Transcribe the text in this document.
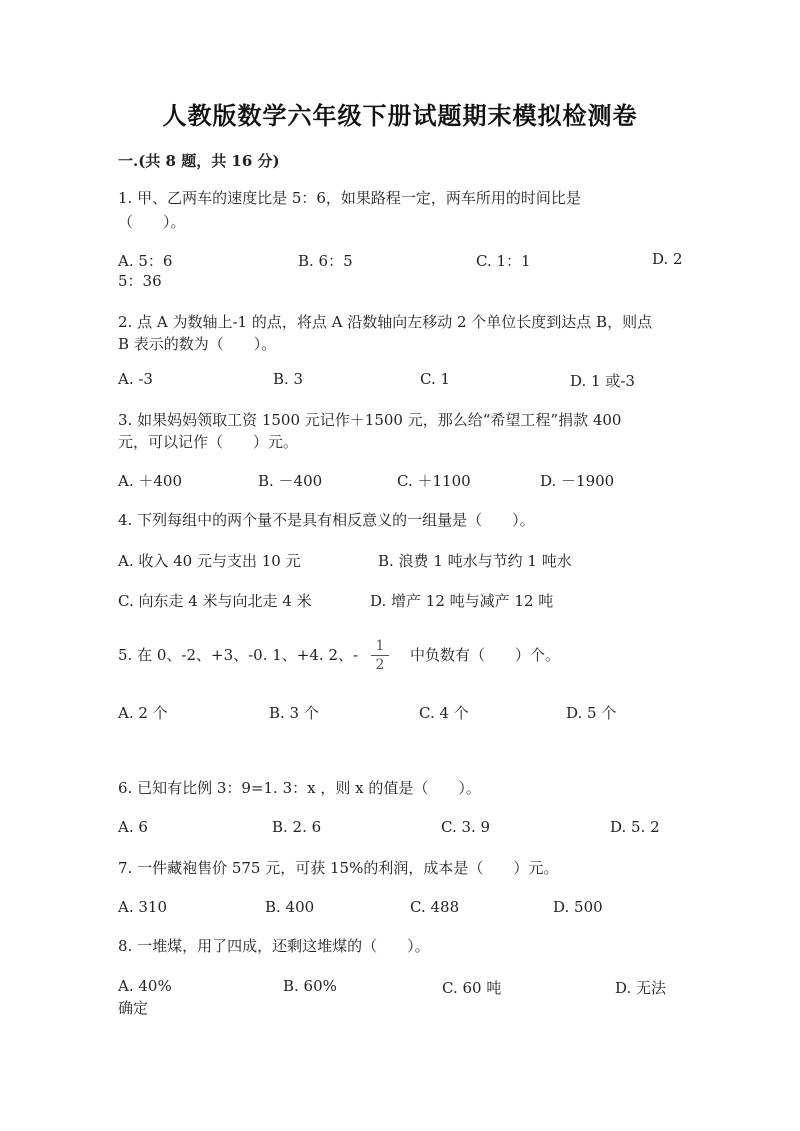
人教版数学六年级下册试题期末模拟检测卷
一.(共 8 题，共 16 分)
1. 甲、乙两车的速度比是 5：6，如果路程一定，两车所用的时间比是
（　　）。
A. 5：6	B. 6：5	C. 1：1	D. 2
5：36
2. 点 A 为数轴上-1 的点，将点 A 沿数轴向左移动 2 个单位长度到达点 B，则点
B 表示的数为（　　）。
A. -3	B. 3	C. 1	D. 1 或-3
3. 如果妈妈领取工资 1500 元记作＋1500 元，那么给“希望工程”捐款 400
元，可以记作（　　）元。
A. ＋400	B. －400	C. ＋1100	D. －1900
4. 下列每组中的两个量不是具有相反意义的一组量是（　　）。
A. 收入 40 元与支出 10 元	B. 浪费 1 吨水与节约 1 吨水
C. 向东走 4 米与向北走 4 米	D. 增产 12 吨与减产 12 吨
5. 在 0、-2、+3、-0. 1、+4. 2、-	1
2
中负数有（　　）个。
A. 2 个	B. 3 个	C. 4 个	D. 5 个
6. 已知有比例 3：9=1. 3：x ，则 x 的值是（　　）。
A. 6	B. 2. 6	C. 3. 9	D. 5. 2
7. 一件藏袍售价 575 元，可获 15%的利润，成本是（　　）元。
A. 310	B. 400	C. 488	D. 500
8. 一堆煤，用了四成，还剩这堆煤的（　　）。
A. 40%	B. 60%	C. 60 吨	D. 无法
确定
